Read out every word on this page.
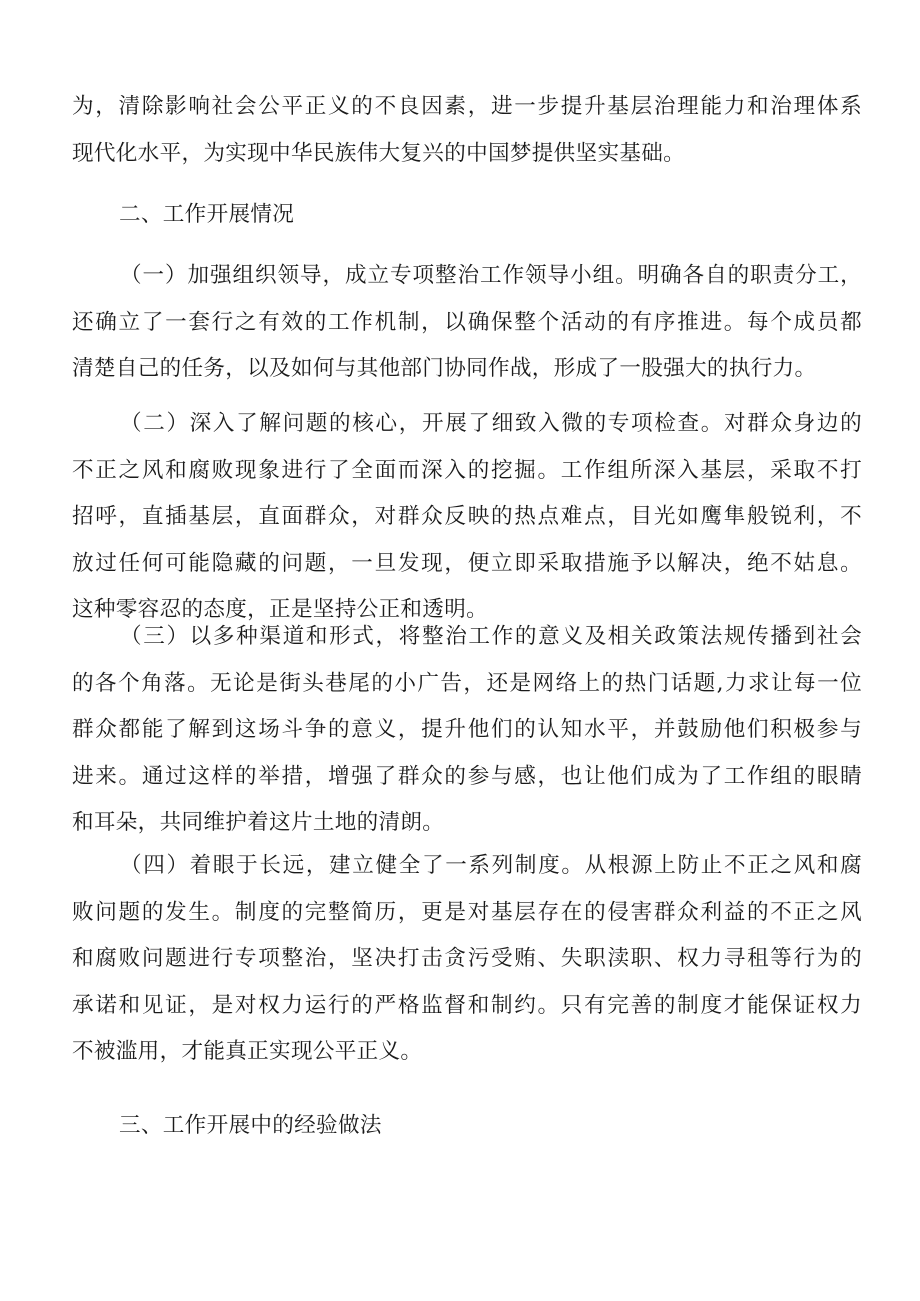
为，清除影响社会公平正义的不良因素，进一步提升基层治理能力和治理体系
现代化水平，为实现中华民族伟大复兴的中国梦提供坚实基础。
二、工作开展情况
（一）加强组织领导，成立专项整治工作领导小组。明确各自的职责分工，
还确立了一套行之有效的工作机制，以确保整个活动的有序推进。每个成员都
清楚自己的任务，以及如何与其他部门协同作战，形成了一股强大的执行力。
（二）深入了解问题的核心，开展了细致入微的专项检查。对群众身边的
不正之风和腐败现象进行了全面而深入的挖掘。工作组所深入基层，采取不打
招呼，直插基层，直面群众，对群众反映的热点难点，目光如鹰隼般锐利，不
放过任何可能隐藏的问题，一旦发现，便立即采取措施予以解决，绝不姑息。
这种零容忍的态度，正是坚持公正和透明。
（三）以多种渠道和形式，将整治工作的意义及相关政策法规传播到社会
的各个角落。无论是街头巷尾的小广告，还是网络上的热门话题,力求让每一位
群众都能了解到这场斗争的意义，提升他们的认知水平，并鼓励他们积极参与
进来。通过这样的举措，增强了群众的参与感，也让他们成为了工作组的眼睛
和耳朵，共同维护着这片土地的清朗。
（四）着眼于长远，建立健全了一系列制度。从根源上防止不正之风和腐
败问题的发生。制度的完整简历，更是对基层存在的侵害群众利益的不正之风
和腐败问题进行专项整治，坚决打击贪污受贿、失职渎职、权力寻租等行为的
承诺和见证，是对权力运行的严格监督和制约。只有完善的制度才能保证权力
不被滥用，才能真正实现公平正义。
三、工作开展中的经验做法
